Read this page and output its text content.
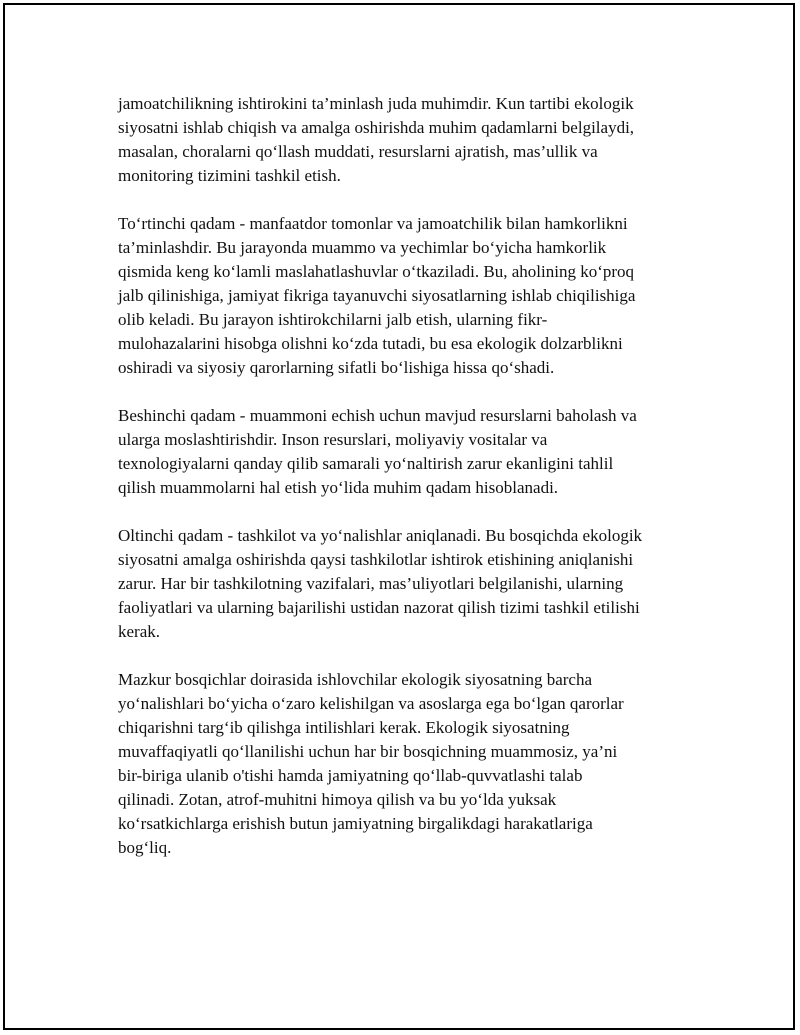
jamoatchilikning ishtirokini ta’minlash juda muhimdir. Kun tartibi ekologik
siyosatni ishlab chiqish va amalga oshirishda muhim qadamlarni belgilaydi,
masalan, choralarni qo‘llash muddati, resurslarni ajratish, mas’ullik va
monitoring tizimini tashkil etish.

To‘rtinchi qadam - manfaatdor tomonlar va jamoatchilik bilan hamkorlikni
ta’minlashdir. Bu jarayonda muammo va yechimlar bo‘yicha hamkorlik
qismida keng ko‘lamli maslahatlashuvlar o‘tkaziladi. Bu, aholining ko‘proq
jalb qilinishiga, jamiyat fikriga tayanuvchi siyosatlarning ishlab chiqilishiga
olib keladi. Bu jarayon ishtirokchilarni jalb etish, ularning fikr-
mulohazalarini hisobga olishni ko‘zda tutadi, bu esa ekologik dolzarblikni
oshiradi va siyosiy qarorlarning sifatli bo‘lishiga hissa qo‘shadi.

Beshinchi qadam - muammoni echish uchun mavjud resurslarni baholash va
ularga moslashtirishdir. Inson resurslari, moliyaviy vositalar va
texnologiyalarni qanday qilib samarali yo‘naltirish zarur ekanligini tahlil
qilish muammolarni hal etish yo‘lida muhim qadam hisoblanadi.

Oltinchi qadam - tashkilot va yo‘nalishlar aniqlanadi. Bu bosqichda ekologik
siyosatni amalga oshirishda qaysi tashkilotlar ishtirok etishining aniqlanishi
zarur. Har bir tashkilotning vazifalari, mas’uliyotlari belgilanishi, ularning
faoliyatlari va ularning bajarilishi ustidan nazorat qilish tizimi tashkil etilishi
kerak.

Mazkur bosqichlar doirasida ishlovchilar ekologik siyosatning barcha
yo‘nalishlari bo‘yicha o‘zaro kelishilgan va asoslarga ega bo‘lgan qarorlar
chiqarishni targ‘ib qilishga intilishlari kerak. Ekologik siyosatning
muvaffaqiyatli qo‘llanilishi uchun har bir bosqichning muammosiz, ya’ni
bir-biriga ulanib o'tishi hamda jamiyatning qo‘llab-quvvatlashi talab
qilinadi. Zotan, atrof-muhitni himoya qilish va bu yo‘lda yuksak
ko‘rsatkichlarga erishish butun jamiyatning birgalikdagi harakatlariga
bog‘liq.
